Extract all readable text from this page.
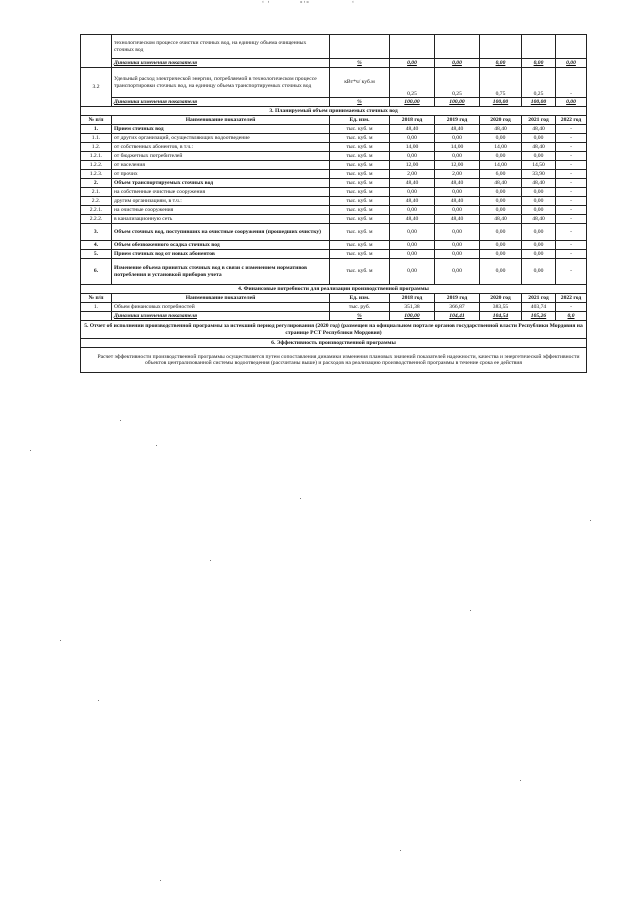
‘ ‘	°‘°	‘
	технологическом процессе очистки сточных вод, на единицу объема очищенных сточных вод						
	Динамика изменения показателя	%	0,00	0,00	0,00	0,00	0,00
3.2	Удельный расход электрической энергии, потребляемой в технологическом процессе транспортировки сточных вод, на единицу объема транспортируемых сточных вод	кВт*ч/ куб.м	0,25	0,25	0,75	0,25	-
	Динамика изменения показателя	%	100,00	100,00	100,00	100,00	0,00
3. Планируемый объем принимаемых сточных вод							
№ п/п	Наименование показателей	Ед. изм.	2018 год	2019 год	2020 год	2021 год	2022 год
1.	Прием сточных вод	тыс. куб. м	48,40	48,40	48,40	48,40	-
1.1.	от других организаций, осуществляющих водоотведение	тыс. куб. м	0,00	0,00	0,00	0,00	-
1.2.	от собственных абонентов, в т.ч.:	тыс. куб. м	14,00	14,00	14,00	48,40	-
1.2.1.	от бюджетных потребителей	тыс. куб. м	0,00	0,00	0,00	0,00	-
1.2.2.	от населения	тыс. куб. м	12,00	12,00	14,00	14,50	-
1.2.3.	от прочих	тыс. куб. м	2,00	2,00	6,00	33,90	-
2.	Объем транспортируемых сточных вод	тыс. куб. м	48,40	48,40	48,40	48,40	-
2.1.	на собственные очистные сооружения	тыс. куб. м	0,00	0,00	0,00	0,00	-
2.2.	другим организациям, в т.ч.:	тыс. куб. м	48,40	48,40	0,00	0,00	-
2.2.1.	на очистные сооружения	тыс. куб. м	0,00	0,00	0,00	0,00	-
2.2.2.	в канализационную сеть	тыс. куб. м	48,40	48,40	48,40	48,40	-
3.	Объем сточных вод, поступивших на очистные сооружения (прошедших очистку)	тыс. куб. м	0,00	0,00	0,00	0,00	-
4.	Объем обезвоженного осадка сточных вод	тыс. куб. м	0,00	0,00	0,00	0,00	-
5.	Прием сточных вод от новых абонентов	тыс. куб. м	0,00	0,00	0,00	0,00	-
6.	Изменение объема принятых сточных вод в связи с изменением нормативов потребления и установкой приборов учета	тыс. куб. м	0,00	0,00	0,00	0,00	-
4. Финансовые потребности для реализации производственной программы							
№ п/п	Наименование показателей	Ед. изм.	2018 год	2019 год	2020 год	2021 год	2022 год
1.	Объем финансовых потребностей	тыс. руб.	351,38	366,87	383,55	403,74	-
	Динамика изменения показателя	%	100,00	104,41	104,54	105,26	0,0
5. Отчет об исполнении производственной программы за истекший период регулирования (2020 год) (размещен на официальном портале органов государственной власти Республики Мордовия на странице РСТ Республики Мордовия)							
6. Эффективность производственной программы							
Расчет эффективности производственной программы осуществляется путем сопоставления динамики изменения плановых значений показателей надежности, качества и энергетической эффективности объектов централизованной системы водоотведения (рассчитаны выше) и расходов на реализацию производственной программы в течение срока ее действия							
